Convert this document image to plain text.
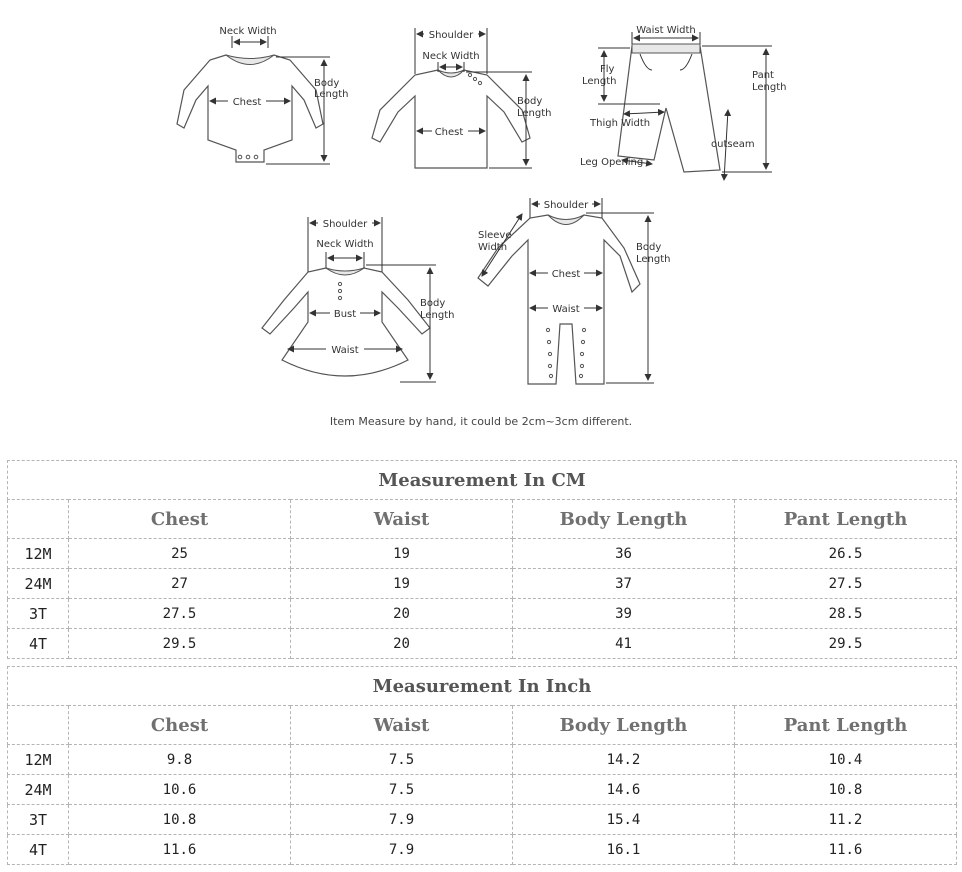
Neck Width
Chest
Body
Length
Shoulder
Neck Width
Chest
Body
Length
Waist Width
Fly
Length
Pant
Length
Thigh Width
outseam
Leg Opening
Shoulder
Neck Width
Bust
Waist
Body
Length
Shoulder
Sleeve
Width
Chest
Waist
Body
Length
Item Measure by hand, it could be 2cm~3cm different.
Measurement In CM				
	Chest	Waist	Body Length	Pant Length
12M	25	19	36	26.5
24M	27	19	37	27.5
3T	27.5	20	39	28.5
4T	29.5	20	41	29.5
Measurement In Inch				
	Chest	Waist	Body Length	Pant Length
12M	9.8	7.5	14.2	10.4
24M	10.6	7.5	14.6	10.8
3T	10.8	7.9	15.4	11.2
4T	11.6	7.9	16.1	11.6
